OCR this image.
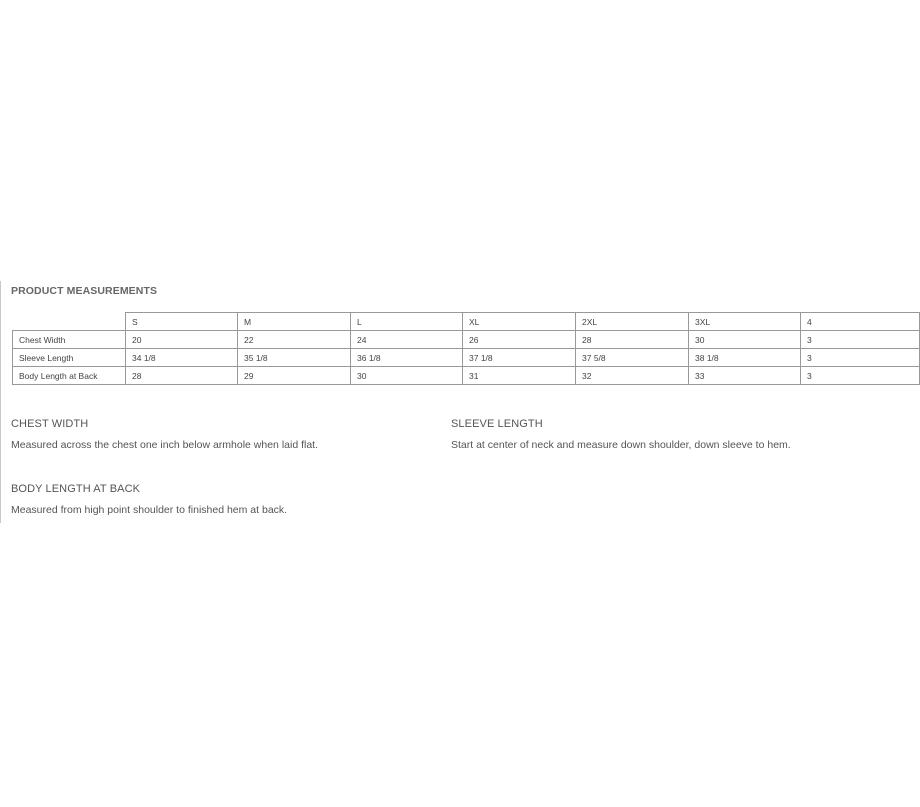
PRODUCT MEASUREMENTS
	S	M	L	XL	2XL	3XL	4
Chest Width	20	22	24	26	28	30	3
Sleeve Length	34 1/8	35 1/8	36 1/8	37 1/8	37 5/8	38 1/8	3
Body Length at Back	28	29	30	31	32	33	3
CHEST WIDTH
Measured across the chest one inch below armhole when laid flat.
SLEEVE LENGTH
Start at center of neck and measure down shoulder, down sleeve to hem.
BODY LENGTH AT BACK
Measured from high point shoulder to finished hem at back.
